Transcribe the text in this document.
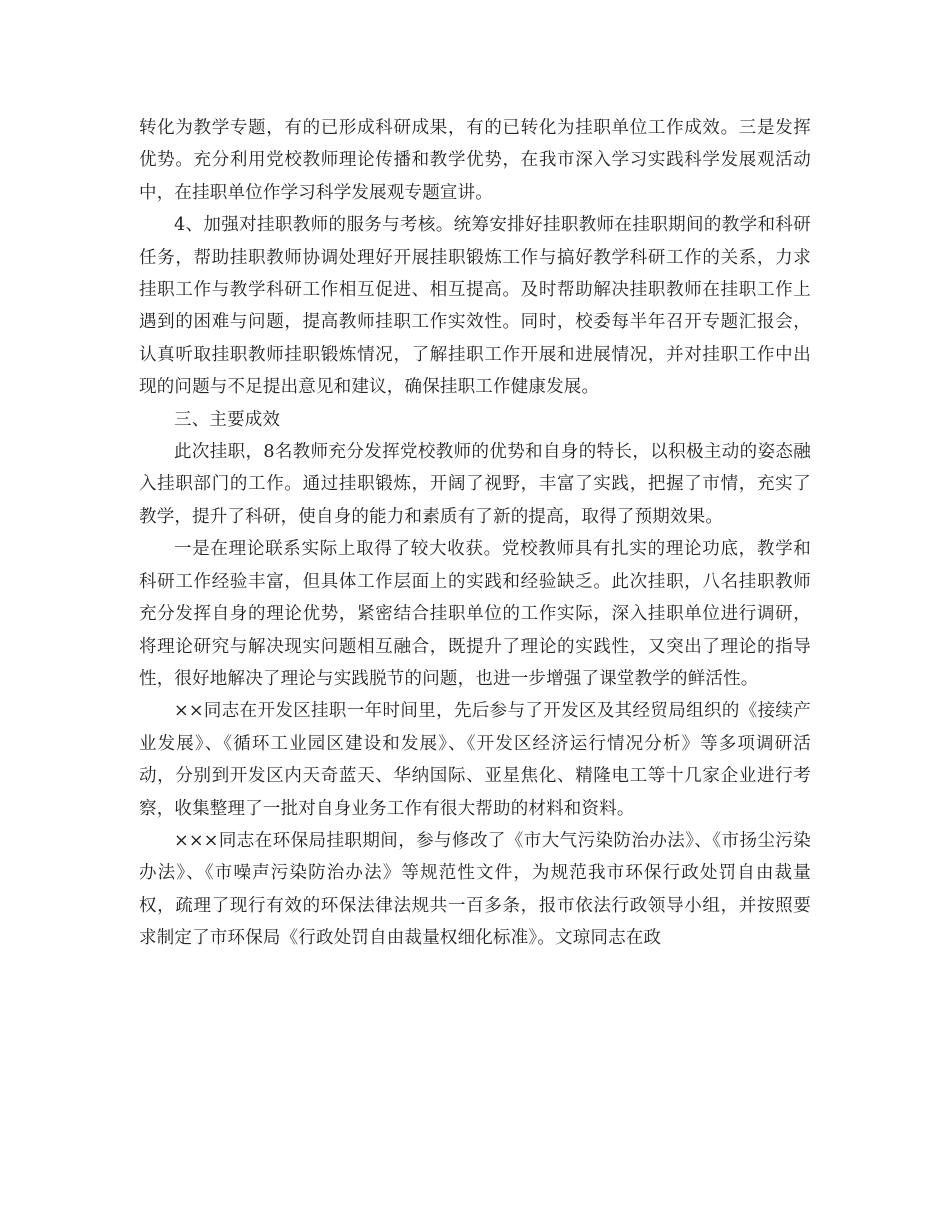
转化为教学专题，有的已形成科研成果，有的已转化为挂职单位工作成效。三是发挥优势。充分利用党校教师理论传播和教学优势，在我市深入学习实践科学发展观活动中，在挂职单位作学习科学发展观专题宣讲。

4、加强对挂职教师的服务与考核。统筹安排好挂职教师在挂职期间的教学和科研任务，帮助挂职教师协调处理好开展挂职锻炼工作与搞好教学科研工作的关系，力求挂职工作与教学科研工作相互促进、相互提高。及时帮助解决挂职教师在挂职工作上遇到的困难与问题，提高教师挂职工作实效性。同时，校委每半年召开专题汇报会，认真听取挂职教师挂职锻炼情况，了解挂职工作开展和进展情况，并对挂职工作中出现的问题与不足提出意见和建议，确保挂职工作健康发展。

三、主要成效

此次挂职，8名教师充分发挥党校教师的优势和自身的特长，以积极主动的姿态融入挂职部门的工作。通过挂职锻炼，开阔了视野，丰富了实践，把握了市情，充实了教学，提升了科研，使自身的能力和素质有了新的提高，取得了预期效果。

一是在理论联系实际上取得了较大收获。党校教师具有扎实的理论功底，教学和科研工作经验丰富，但具体工作层面上的实践和经验缺乏。此次挂职，八名挂职教师充分发挥自身的理论优势，紧密结合挂职单位的工作实际，深入挂职单位进行调研，将理论研究与解决现实问题相互融合，既提升了理论的实践性，又突出了理论的指导性，很好地解决了理论与实践脱节的问题，也进一步增强了课堂教学的鲜活性。

××同志在开发区挂职一年时间里，先后参与了开发区及其经贸局组织的《接续产业发展》、《循环工业园区建设和发展》、《开发区经济运行情况分析》等多项调研活动，分别到开发区内天奇蓝天、华纳国际、亚星焦化、精隆电工等十几家企业进行考察，收集整理了一批对自身业务工作有很大帮助的材料和资料。

×××同志在环保局挂职期间，参与修改了《市大气污染防治办法》、《市扬尘污染办法》、《市噪声污染防治办法》等规范性文件，为规范我市环保行政处罚自由裁量权，疏理了现行有效的环保法律法规共一百多条，报市依法行政领导小组，并按照要求制定了市环保局《行政处罚自由裁量权细化标准》。文琼同志在政
